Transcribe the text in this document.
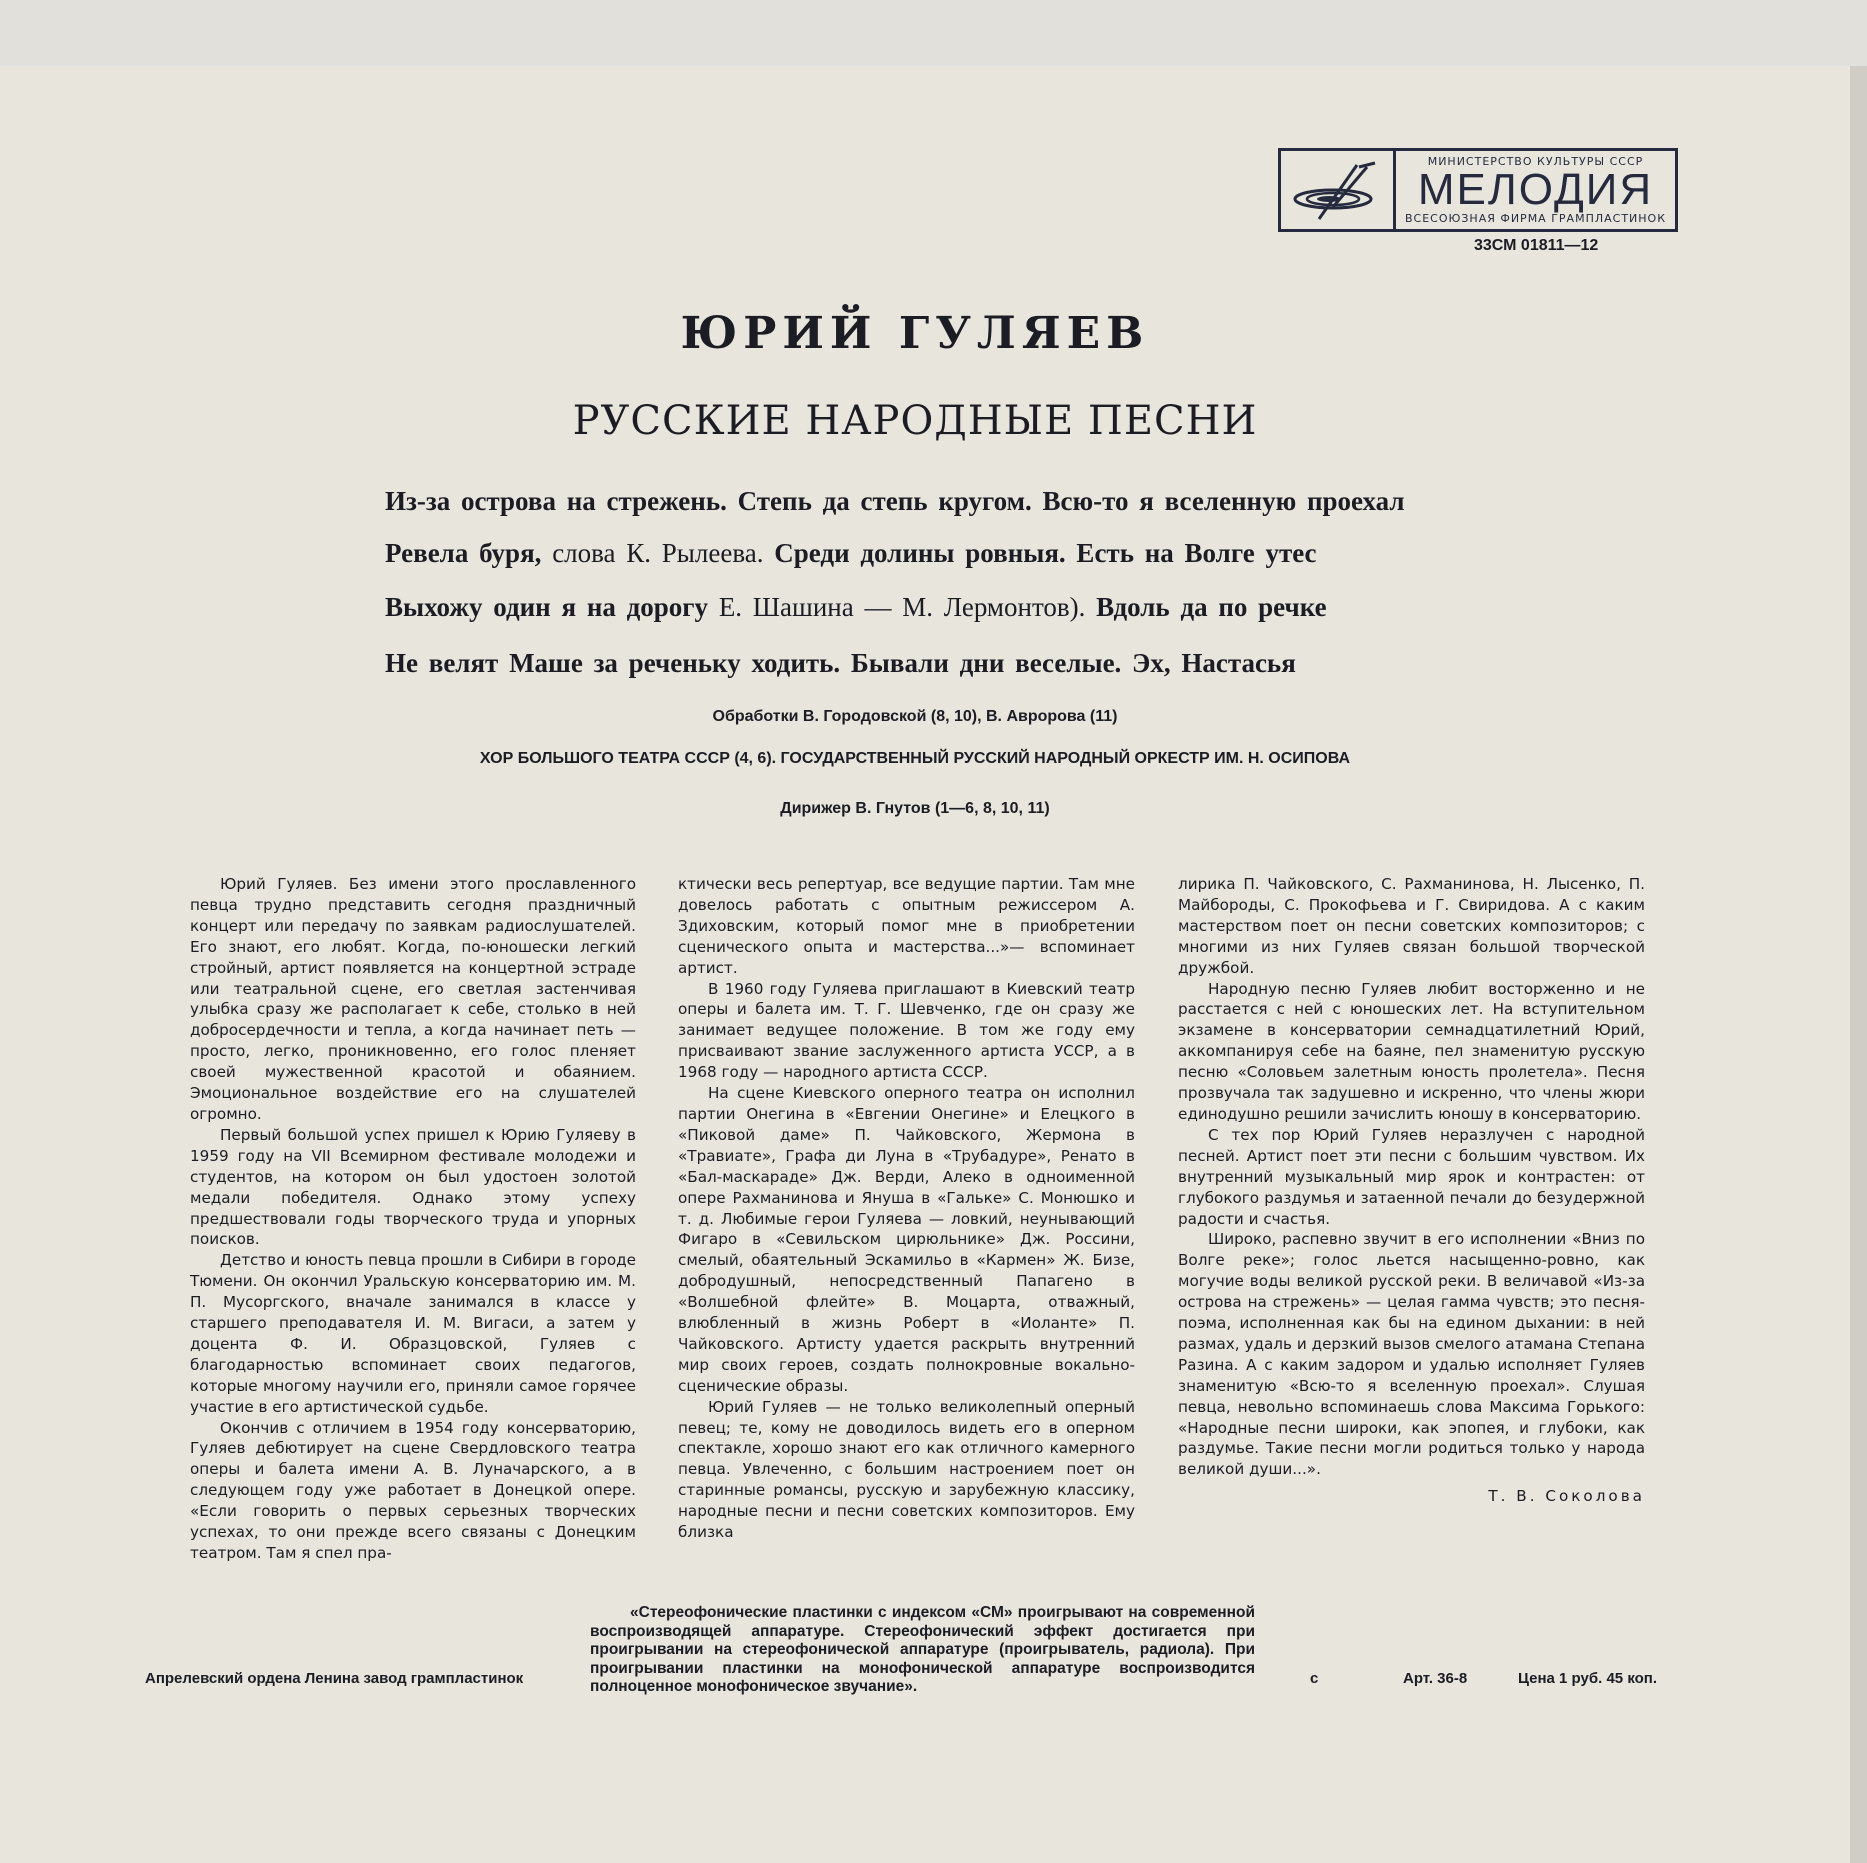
МИНИСТЕРСТВО КУЛЬТУРЫ СССР
МЕЛОДИЯ
ВСЕСОЮЗНАЯ ФИРМА ГРАМПЛАСТИНОК
33СМ 01811—12
ЮРИЙ ГУЛЯЕВ
РУССКИЕ НАРОДНЫЕ ПЕСНИ
Из-за острова на стрежень. Степь да степь кругом. Всю-то я вселенную проехал
Ревела буря, слова К. Рылеева. Среди долины ровныя. Есть на Волге утес
Выхожу один я на дорогу Е. Шашина — М. Лермонтов). Вдоль да по речке
Не велят Маше за реченьку ходить. Бывали дни веселые. Эх, Настасья
Обработки В. Городовской (8, 10), В. Авророва (11)
ХОР БОЛЬШОГО ТЕАТРА СССР (4, 6). ГОСУДАРСТВЕННЫЙ РУССКИЙ НАРОДНЫЙ ОРКЕСТР ИМ. Н. ОСИПОВА
Дирижер В. Гнутов (1—6, 8, 10, 11)

Юрий Гуляев. Без имени этого прославленного певца трудно представить сегодня праздничный концерт или передачу по заявкам радиослушателей. Его знают, его любят. Когда, по-юношески легкий стройный, артист появляется на концертной эстраде или театральной сцене, его светлая застенчивая улыбка сразу же располагает к себе, столько в ней доброcердечности и тепла, а когда начинает петь — просто, легко, проникновенно, его голос пленяет своей мужественной красотой и обаянием. Эмоциональное воздействие его на слушателей огромно.

Первый большой успех пришел к Юрию Гуляеву в 1959 году на VII Всемирном фестивале молодежи и студентов, на котором он был удостоен золотой медали победителя. Однако этому успеху предшествовали годы творческого труда и упорных поисков.

Детство и юность певца прошли в Сибири в городе Тюмени. Он окончил Уральскую консерваторию им. М. П. Мусоргского, вначале занимался в классе у старшего преподавателя И. М. Вигаси, а затем у доцента Ф. И. Образцовской, Гуляев с благодарностью вспоминает своих педагогов, которые многому научили его, приняли самое горячее участие в его артистической судьбе.

Окончив с отличием в 1954 году консерваторию, Гуляев дебютирует на сцене Свердловского театра оперы и балета имени А. В. Луначарского, а в следующем году уже работает в Донецкой опере. «Если говорить о первых серьезных творческих успехах, то они прежде всего связаны с Донецким театром. Там я спел пра-

ктически весь репертуар, все ведущие партии. Там мне довелось работать с опытным режиссером А. Здиховским, который помог мне в приобретении сценического опыта и мастерства...»— вспоминает артист.

В 1960 году Гуляева приглашают в Киевский театр оперы и балета им. Т. Г. Шевченко, где он сразу же занимает ведущее положение. В том же году ему присваивают звание заслуженного артиста УССР, а в 1968 году — народного артиста СССР.

На сцене Киевского оперного театра он исполнил партии Онегина в «Евгении Онегине» и Елецкого в «Пиковой даме» П. Чайковского, Жермона в «Травиате», Графа ди Луна в «Трубадуре», Ренато в «Бал-маскараде» Дж. Верди, Алеко в одноименной опере Рахманинова и Януша в «Гальке» С. Монюшко и т. д. Любимые герои Гуляева — ловкий, неунывающий Фигаро в «Севильском цирюльнике» Дж. Россини, смелый, обаятельный Эскамильо в «Кармен» Ж. Бизе, добродушный, непосредственный Папагено в «Волшебной флейте» В. Моцарта, отважный, влюбленный в жизнь Роберт в «Иоланте» П. Чайковского. Артисту удается раскрыть внутренний мир своих героев, создать полнокровные вокально-сценические образы.

Юрий Гуляев — не только великолепный оперный певец; те, кому не доводилось видеть его в оперном спектакле, хорошо знают его как отличного камерного певца. Увлеченно, с большим настроением поет он старинные романсы, русскую и зарубежную классику, народные песни и песни советских композиторов. Ему близка

лирика П. Чайковского, С. Рахманинова, Н. Лысенко, П. Майбороды, С. Прокофьева и Г. Свиридова. А с каким мастерством поет он песни советских композиторов; с многими из них Гуляев связан большой творческой дружбой.

Народную песню Гуляев любит восторженно и не расстается с ней с юношеских лет. На вступительном экзамене в консерватории семнадцатилетний Юрий, аккомпанируя себе на баяне, пел знаменитую русскую песню «Соловьем залетным юность пролетела». Песня прозвучала так задушевно и искренно, что члены жюри единодушно решили зачислить юношу в консерваторию.

С тех пор Юрий Гуляев неразлучен с народной песней. Артист поет эти песни с большим чувством. Их внутренний музыкальный мир ярок и контрастен: от глубокого раздумья и затаенной печали до безудержной радости и счастья.

Широко, распевно звучит в его исполнении «Вниз по Волге реке»; голос льется насыщенно-ровно, как могучие воды великой русской реки. В величавой «Из-за острова на стрежень» — целая гамма чувств; это песня-поэма, исполненная как бы на едином дыхании: в ней размах, удаль и дерзкий вызов смелого атамана Степана Разина. А с каким задором и удалью исполняет Гуляев знаменитую «Всю-то я вселенную проехал». Слушая певца, невольно вспоминаешь слова Максима Горького: «Народные песни широки, как эпопея, и глубоки, как раздумье. Такие песни могли родиться только у народа великой души...».

Т. В. Соколова

«Стереофонические пластинки с индексом «СМ» проигрывают на современной воспроизводящей аппаратуре. Стереофонический эффект достигается при проигрывании на стереофонической аппаратуре (проигрыватель, радиола). При проигрывании пластинки на монофонической аппаратуре воспроизводится полноценное монофоническое звучание».

Апрелевский ордена Ленина завод грампластинок	с	Арт. 36-8	Цена 1 руб. 45 коп.
